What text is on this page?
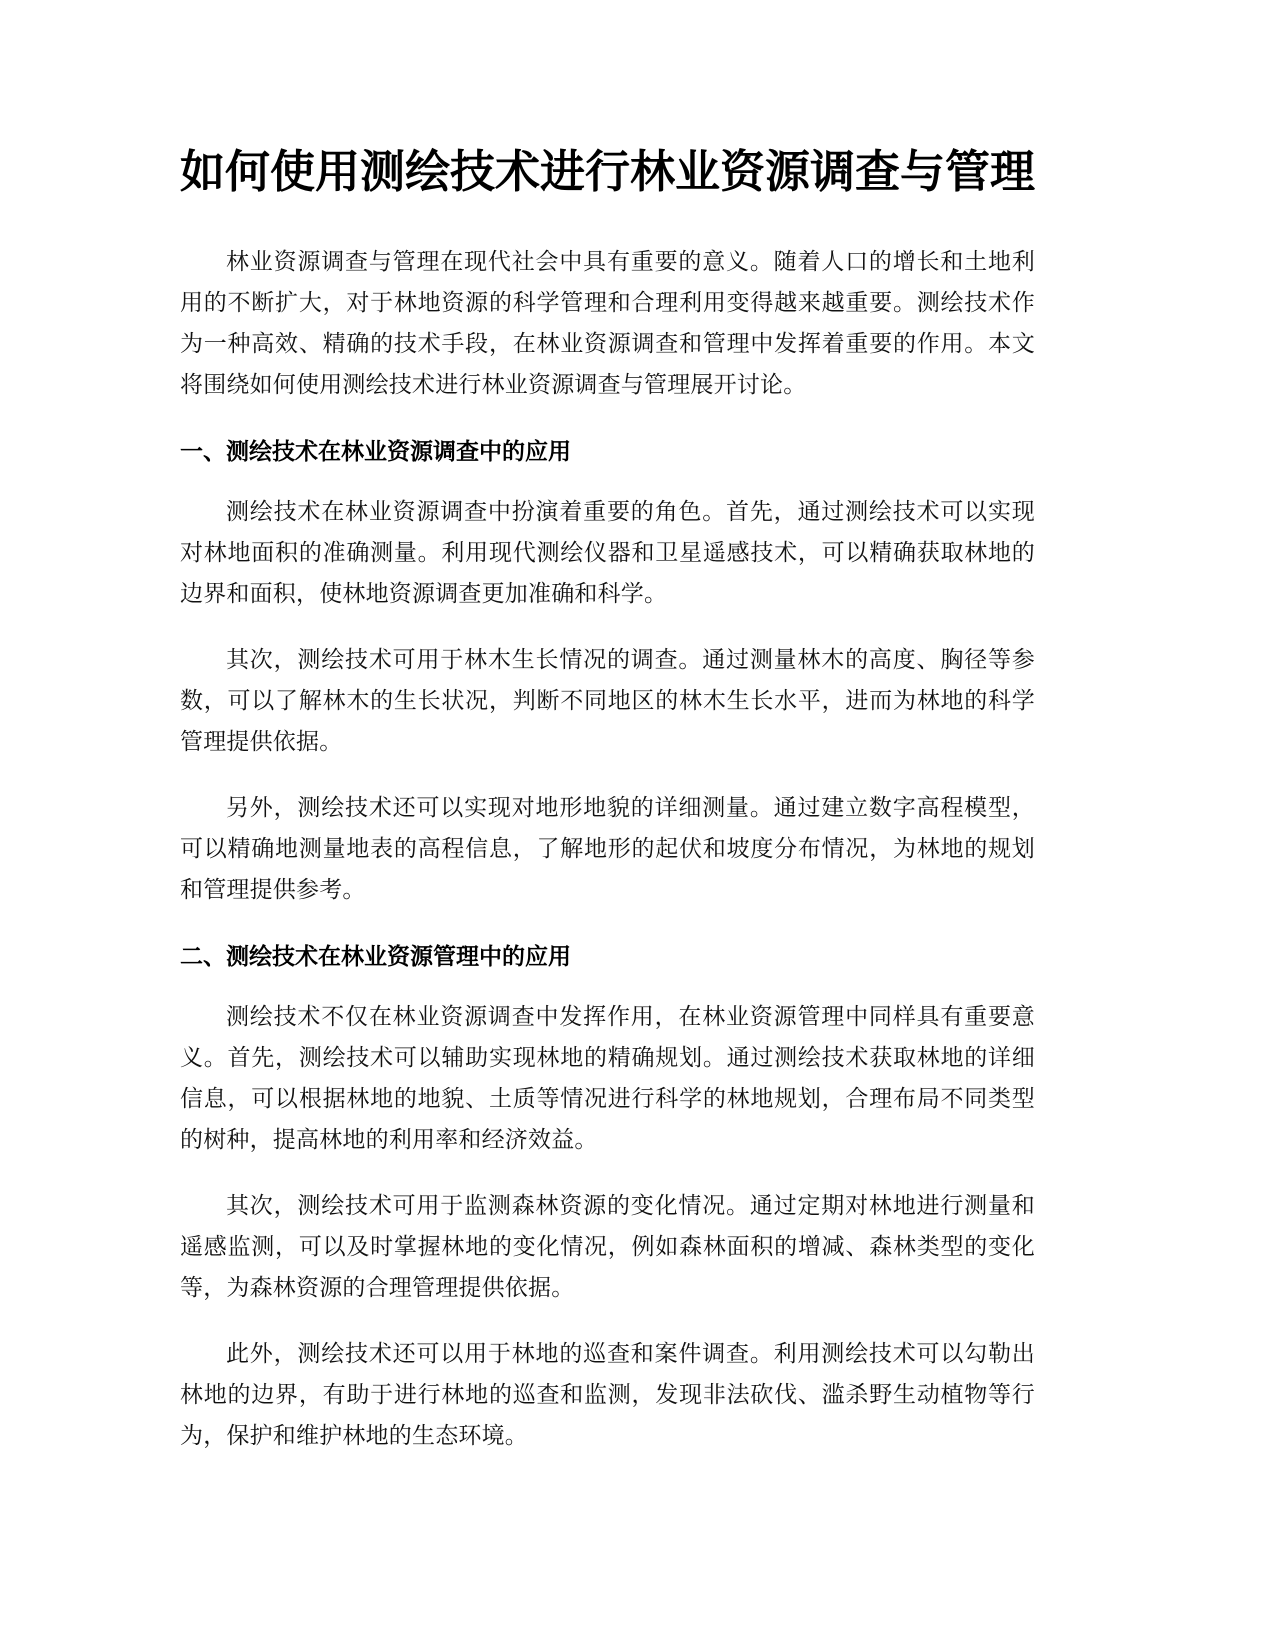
如何使用测绘技术进行林业资源调查与管理

林业资源调查与管理在现代社会中具有重要的意义。随着人口的增长和土地利用的不断扩大，对于林地资源的科学管理和合理利用变得越来越重要。测绘技术作为一种高效、精确的技术手段，在林业资源调查和管理中发挥着重要的作用。本文将围绕如何使用测绘技术进行林业资源调查与管理展开讨论。

一、测绘技术在林业资源调查中的应用

测绘技术在林业资源调查中扮演着重要的角色。首先，通过测绘技术可以实现对林地面积的准确测量。利用现代测绘仪器和卫星遥感技术，可以精确获取林地的边界和面积，使林地资源调查更加准确和科学。

其次，测绘技术可用于林木生长情况的调查。通过测量林木的高度、胸径等参数，可以了解林木的生长状况，判断不同地区的林木生长水平，进而为林地的科学管理提供依据。

另外，测绘技术还可以实现对地形地貌的详细测量。通过建立数字高程模型，可以精确地测量地表的高程信息，了解地形的起伏和坡度分布情况，为林地的规划和管理提供参考。

二、测绘技术在林业资源管理中的应用

测绘技术不仅在林业资源调查中发挥作用，在林业资源管理中同样具有重要意义。首先，测绘技术可以辅助实现林地的精确规划。通过测绘技术获取林地的详细信息，可以根据林地的地貌、土质等情况进行科学的林地规划，合理布局不同类型的树种，提高林地的利用率和经济效益。

其次，测绘技术可用于监测森林资源的变化情况。通过定期对林地进行测量和遥感监测，可以及时掌握林地的变化情况，例如森林面积的增减、森林类型的变化等，为森林资源的合理管理提供依据。

此外，测绘技术还可以用于林地的巡查和案件调查。利用测绘技术可以勾勒出林地的边界，有助于进行林地的巡查和监测，发现非法砍伐、滥杀野生动植物等行为，保护和维护林地的生态环境。
